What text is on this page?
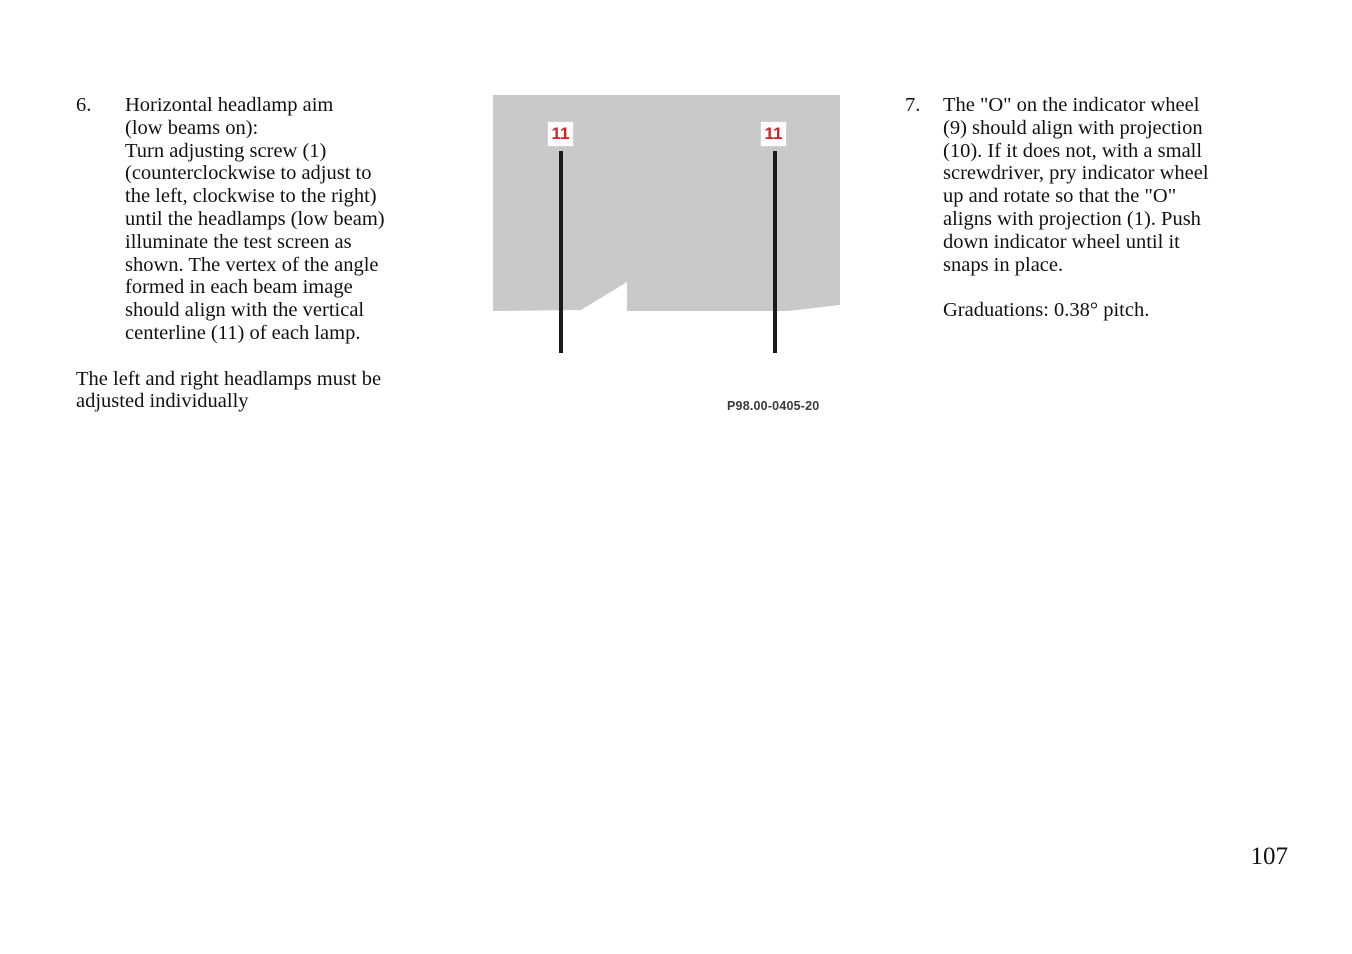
6.	Horizontal headlamp aim
(low beams on):
Turn adjusting screw (1)
(counterclockwise to adjust to
the left, clockwise to the right)
until the headlamps (low beam)
illuminate the test screen as
shown. The vertex of the angle
formed in each beam image
should align with the vertical
centerline (11) of each lamp.
The left and right headlamps must be
adjusted individually
11	11
P98.00-0405-20
7.	The "O" on the indicator wheel
(9) should align with projection
(10). If it does not, with a small
screwdriver, pry indicator wheel
up and rotate so that the "O"
aligns with projection (1). Push
down indicator wheel until it
snaps in place.
Graduations: 0.38° pitch.
107
